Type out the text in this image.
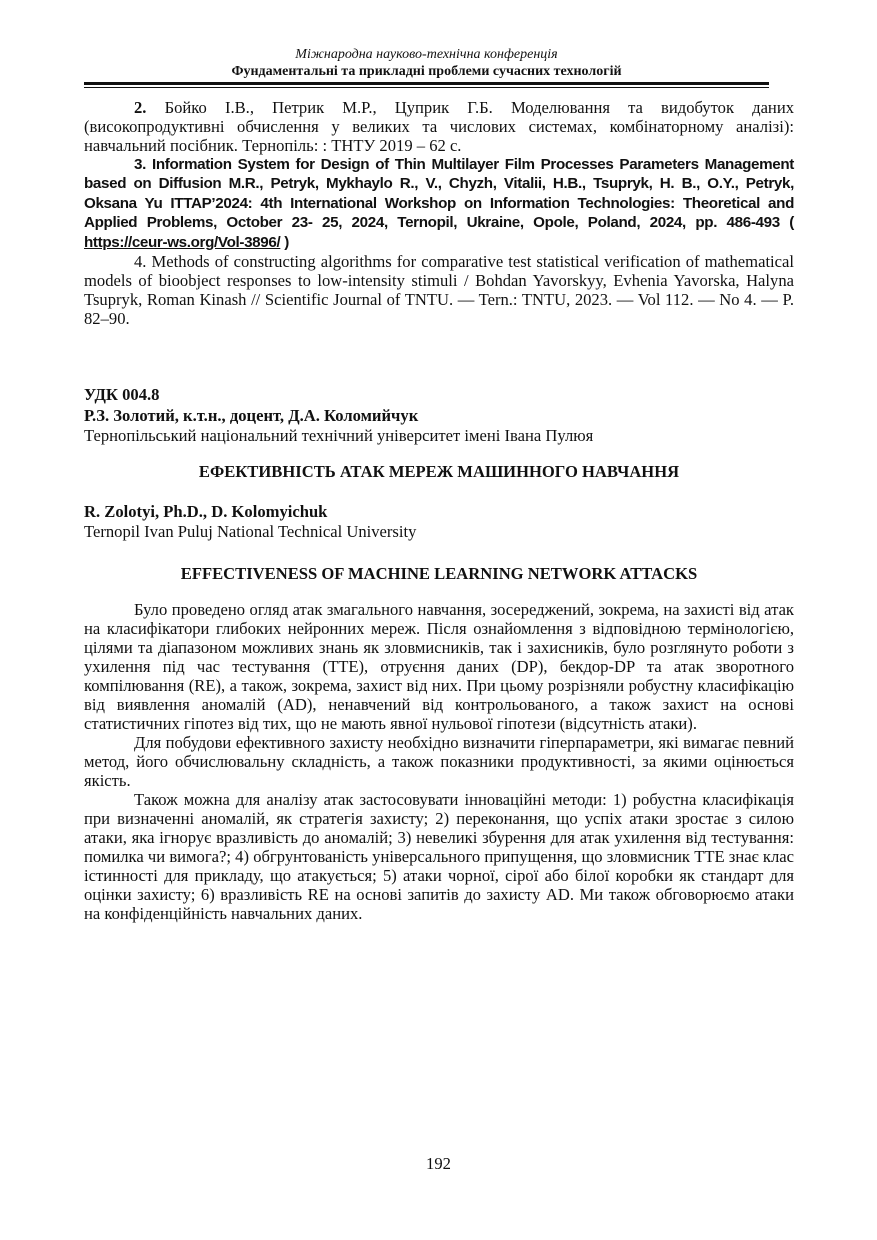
Міжнародна науково-технічна конференція
Фундаментальні та прикладні проблеми сучасних технологій

2. Бойко І.В., Петрик М.Р., Цуприк Г.Б. Моделювання та видобуток даних (високопродуктивні обчислення у великих та числових системах, комбінаторному аналізі): навчальний посібник. Тернопіль: : ТНТУ 2019 – 62 с.

3. Information System for Design of Thin Multilayer Film Processes Parameters Management based on Diffusion M.R., Petryk, Mykhaylo R., V., Chyzh, Vitalii, H.B., Tsupryk, H. B., O.Y., Petryk, Oksana Yu ITTAP’2024: 4th International Workshop on Information Technologies: Theoretical and Applied Problems, October 23- 25, 2024, Ternopil, Ukraine, Opole, Poland, 2024, pp. 486-493 ( https://ceur-ws.org/Vol-3896/ )

4. Methods of constructing algorithms for comparative test statistical verification of mathematical models of bioobject responses to low-intensity stimuli / Bohdan Yavorskyy, Evhenia Yavorska, Halyna Tsupryk, Roman Kinash // Scientific Journal of TNTU. — Tern.: TNTU, 2023. — Vol 112. — No 4. — P. 82–90.

УДК 004.8
Р.З. Золотий, к.т.н., доцент, Д.А. Коломийчук
Тернопільський національний технічний університет імені Івана Пулюя
ЕФЕКТИВНІСТЬ АТАК МЕРЕЖ МАШИННОГО НАВЧАННЯ
R. Zolotyi, Ph.D., D. Kolomyichuk
Ternopil Ivan Puluj National Technical University
EFFECTIVENESS OF MACHINE LEARNING NETWORK ATTACKS

Було проведено огляд атак змагального навчання, зосереджений, зокрема, на захисті від атак на класифікатори глибоких нейронних мереж. Після ознайомлення з відповідною термінологією, цілями та діапазоном можливих знань як зловмисників, так і захисників, було розглянуто роботи з ухилення під час тестування (TTE), отруєння даних (DP), бекдор-DP та атак зворотного компілювання (RE), а також, зокрема, захист від них. При цьому розрізняли робустну класифікацію від виявлення аномалій (AD), ненавчений від контрольованого, а також захист на основі статистичних гіпотез від тих, що не мають явної нульової гіпотези (відсутність атаки).

Для побудови ефективного захисту необхідно визначити гіперпараметри, які вимагає певний метод, його обчислювальну складність, а також показники продуктивності, за якими оцінюється якість.

Також можна для аналізу атак застосовувати інноваційні методи: 1) робустна класифікація при визначенні аномалій, як стратегія захисту; 2) переконання, що успіх атаки зростає з силою атаки, яка ігнорує вразливість до аномалій; 3) невеликі збурення для атак ухилення від тестування: помилка чи вимога?; 4) обгрунтованість універсального припущення, що зловмисник TTE знає клас істинності для прикладу, що атакується; 5) атаки чорної, сірої або білої коробки як стандарт для оцінки захисту; 6) вразливість RE на основі запитів до захисту AD. Ми також обговорюємо атаки на конфіденційність навчальних даних.

192
